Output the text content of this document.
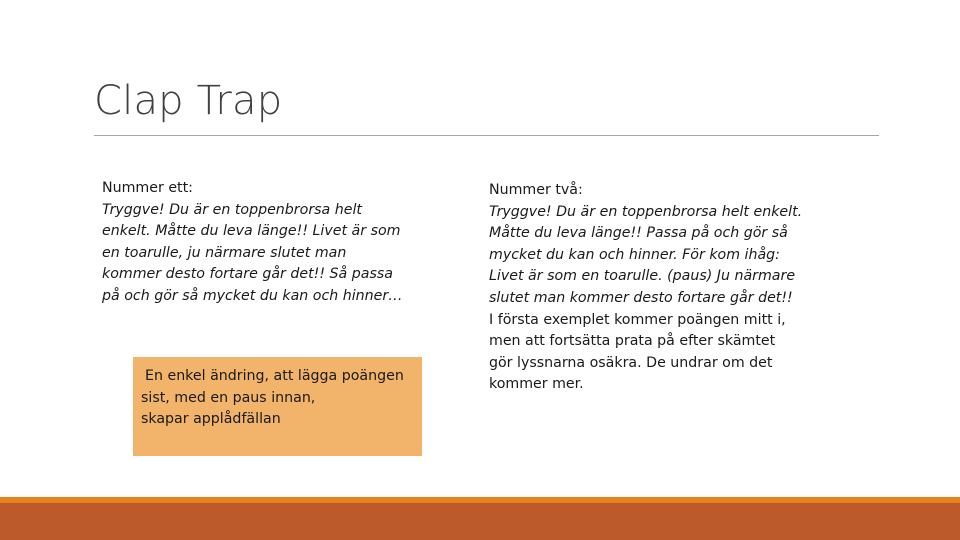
Clap Trap
Nummer ett:
Tryggve! Du är en toppenbrorsa helt
enkelt. Måtte du leva länge!! Livet är som
en toarulle, ju närmare slutet man
kommer desto fortare går det!! Så passa
på och gör så mycket du kan och hinner…
En enkel ändring, att lägga poängen
sist, med en paus innan,
skapar applådfällan
Nummer två:
Tryggve! Du är en toppenbrorsa helt enkelt.
Måtte du leva länge!! Passa på och gör så
mycket du kan och hinner. För kom ihåg:
Livet är som en toarulle. (paus) Ju närmare
slutet man kommer desto fortare går det!!
I första exemplet kommer poängen mitt i,
men att fortsätta prata på efter skämtet
gör lyssnarna osäkra. De undrar om det
kommer mer.
